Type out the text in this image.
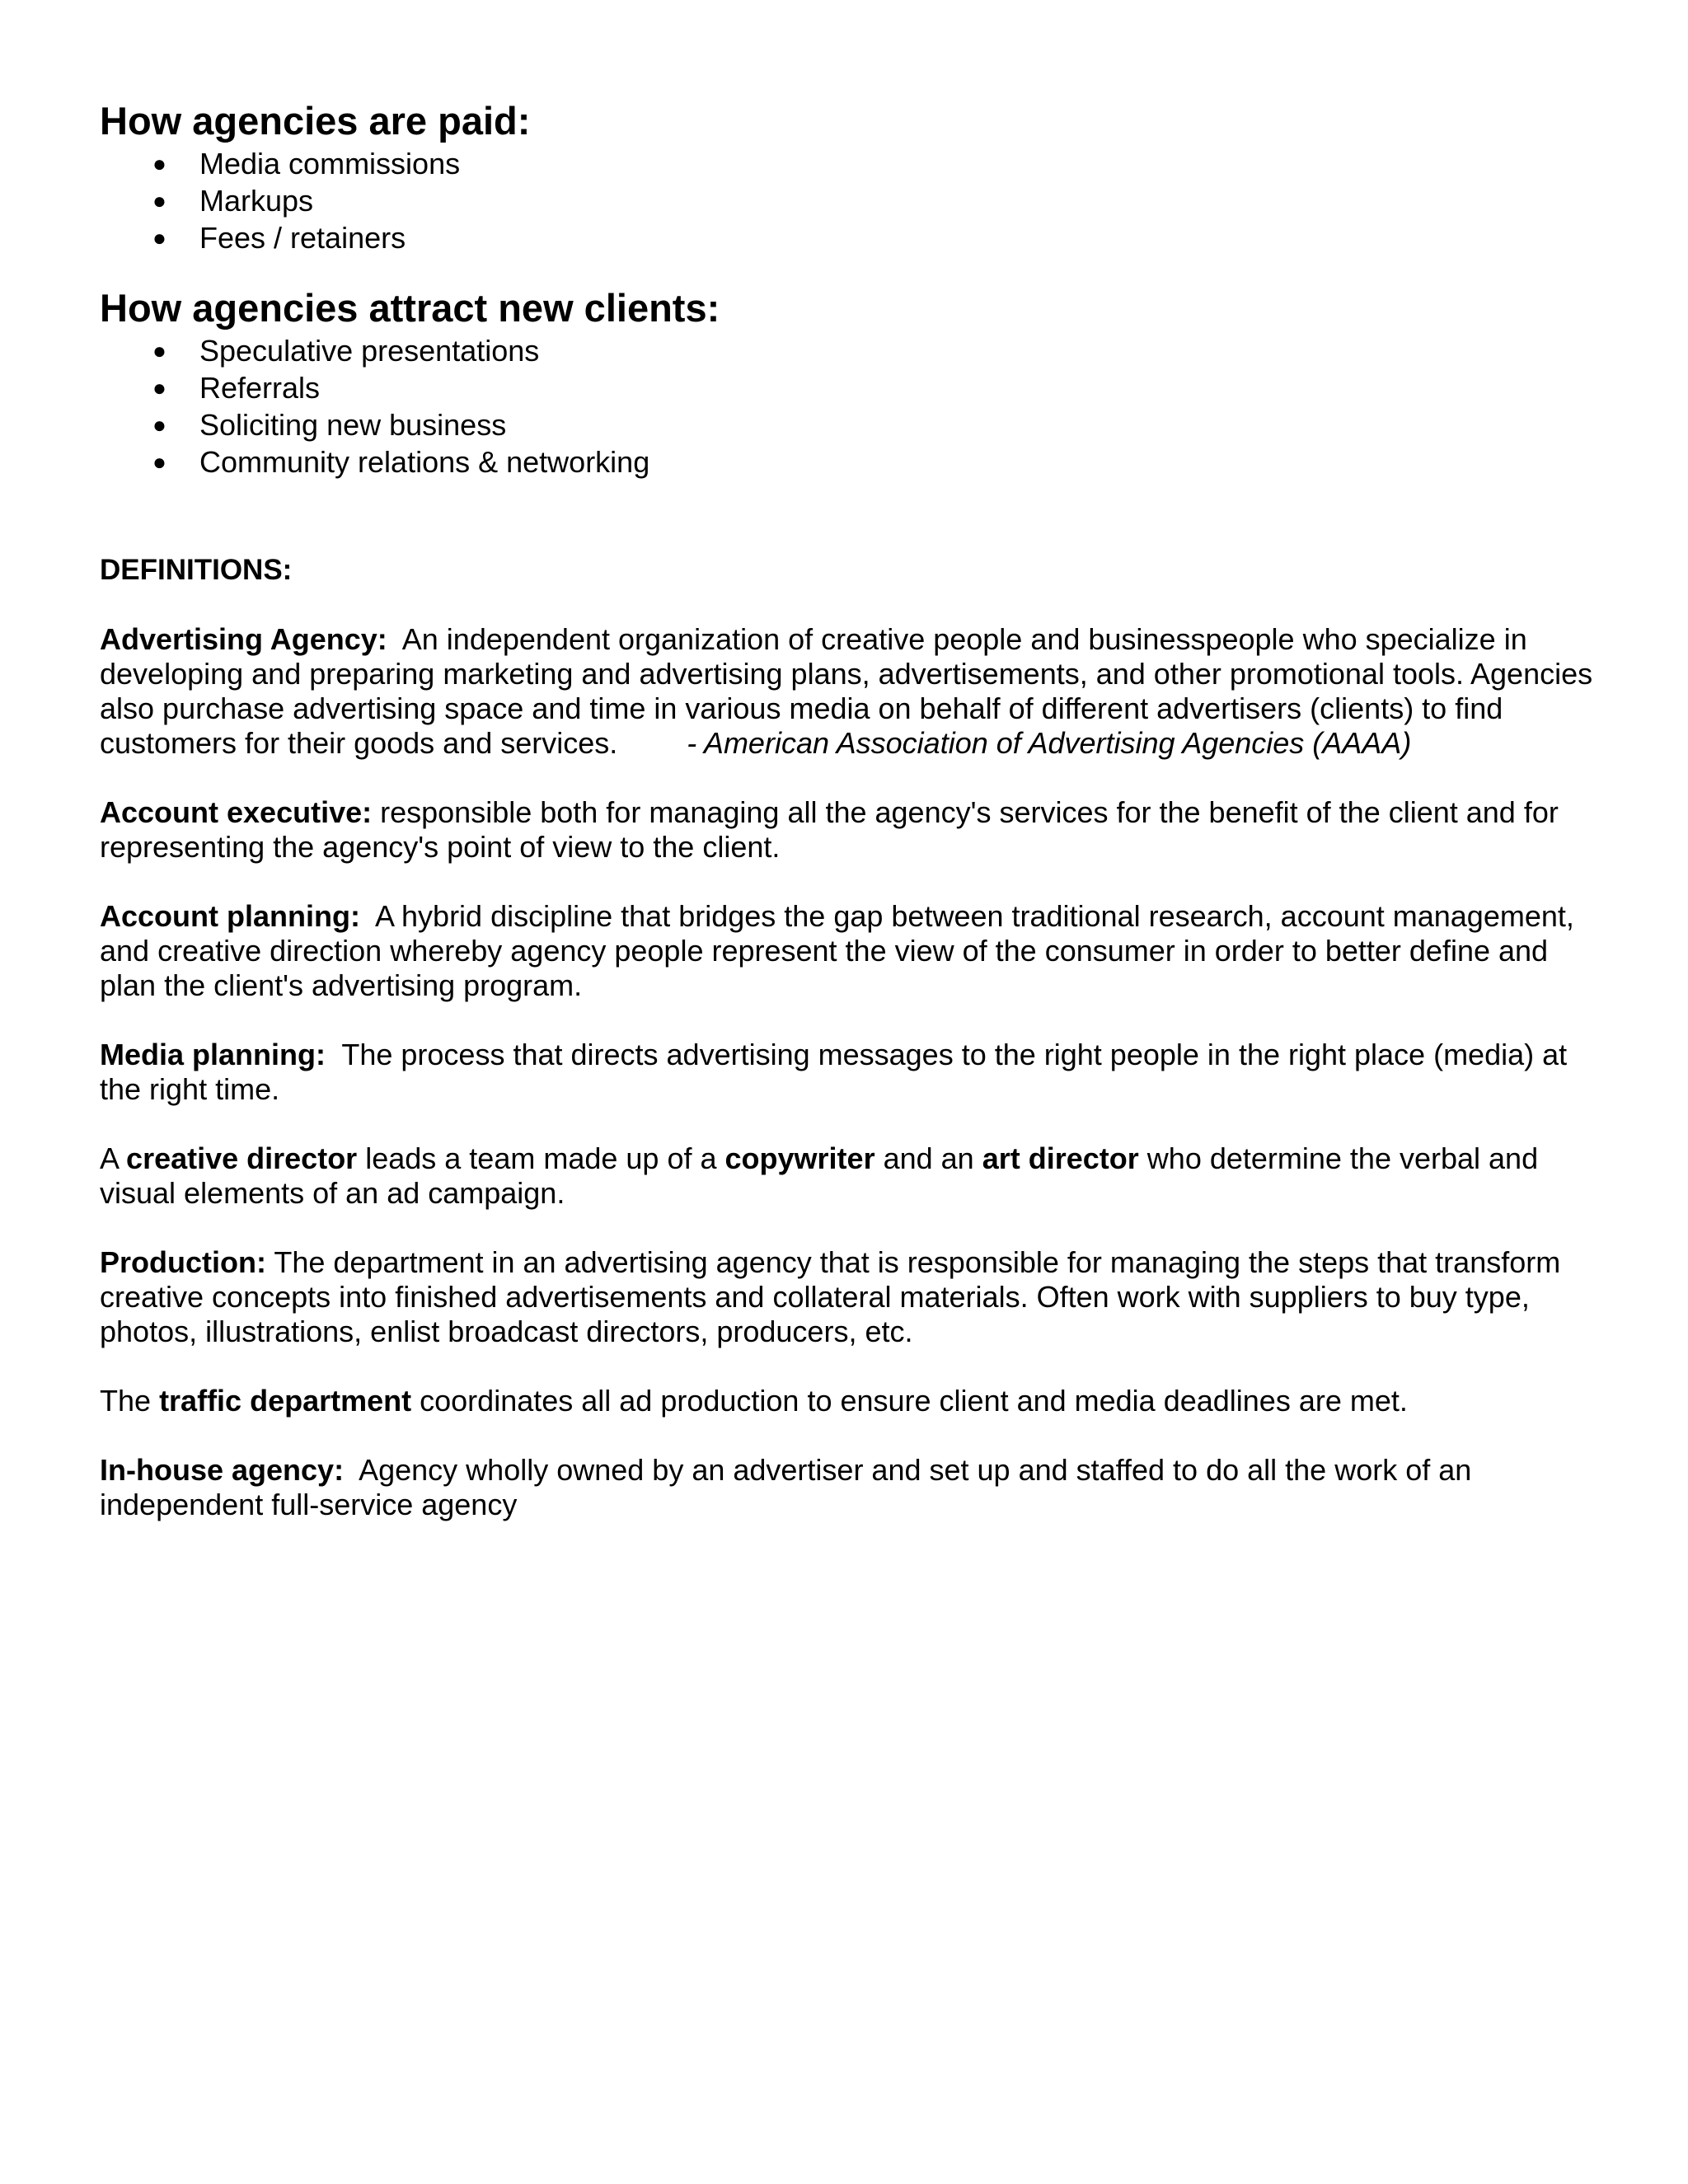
How agencies are paid:
● Media commissions
● Markups
● Fees / retainers
How agencies attract new clients:
● Speculative presentations
● Referrals
● Soliciting new business
● Community relations & networking
DEFINITIONS:

Advertising Agency: An independent organization of creative people and businesspeople who specialize in developing and preparing marketing and advertising plans, advertisements, and other promotional tools. Agencies also purchase advertising space and time in various media on behalf of different advertisers (clients) to find customers for their goods and services. - American Association of Advertising Agencies (AAAA)

Account executive: responsible both for managing all the agency's services for the benefit of the client and for representing the agency's point of view to the client.

Account planning: A hybrid discipline that bridges the gap between traditional research, account management, and creative direction whereby agency people represent the view of the consumer in order to better define and plan the client's advertising program.

Media planning: The process that directs advertising messages to the right people in the right place (media) at the right time.

A creative director leads a team made up of a copywriter and an art director who determine the verbal and visual elements of an ad campaign.

Production: The department in an advertising agency that is responsible for managing the steps that transform creative concepts into finished advertisements and collateral materials. Often work with suppliers to buy type, photos, illustrations, enlist broadcast directors, producers, etc.

The traffic department coordinates all ad production to ensure client and media deadlines are met.

In-house agency: Agency wholly owned by an advertiser and set up and staffed to do all the work of an independent full-service agency
